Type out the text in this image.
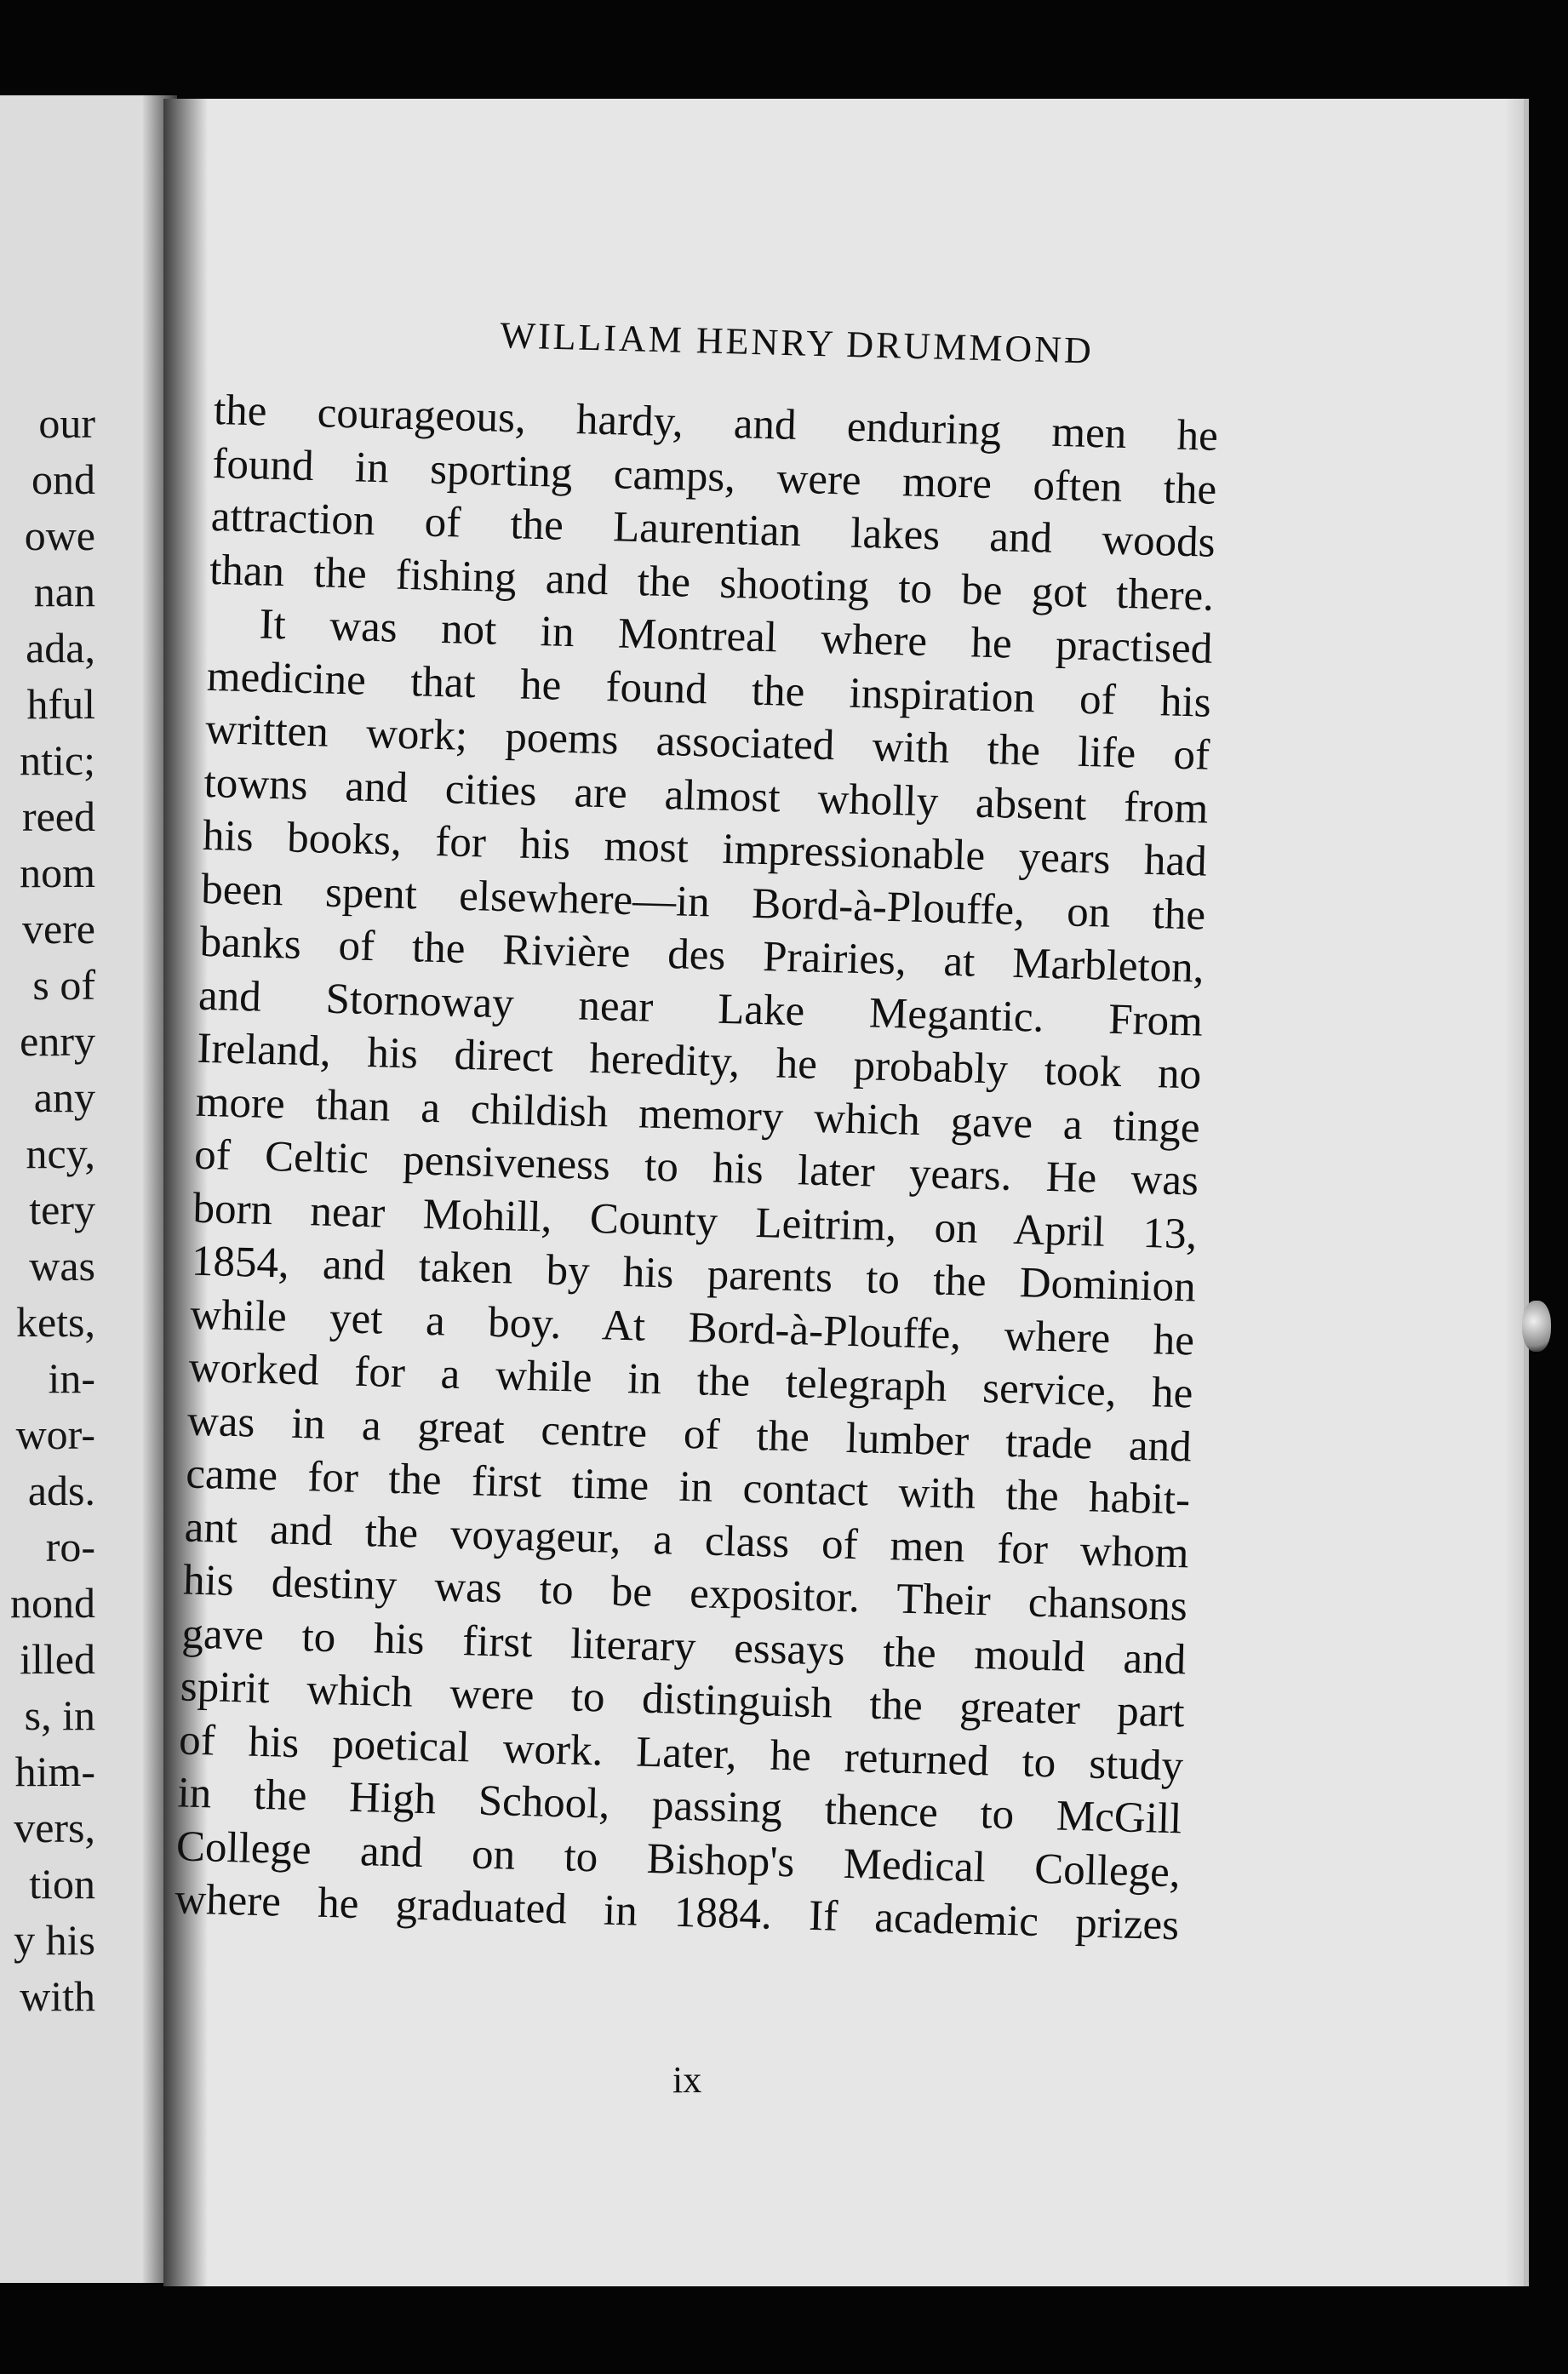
our
ond
owe
nan
ada,
hful
ntic;
reed
nom
vere
s of
enry
any
ncy,
tery
was
kets,
in-
wor-
ads.
ro-
nond
illed
s, in
him-
vers,
tion
y his
with
WILLIAM HENRY DRUMMOND
the courageous, hardy, and enduring men he
found in sporting camps, were more often the
attraction of the Laurentian lakes and woods
than the fishing and the shooting to be got there.
It was not in Montreal where he practised
medicine that he found the inspiration of his
written work; poems associated with the life of
towns and cities are almost wholly absent from
his books, for his most impressionable years had
been spent elsewhere—in Bord-à-Plouffe, on the
banks of the Rivière des Prairies, at Marbleton,
and Stornoway near Lake Megantic. From
Ireland, his direct heredity, he probably took no
more than a childish memory which gave a tinge
of Celtic pensiveness to his later years. He was
born near Mohill, County Leitrim, on April 13,
1854, and taken by his parents to the Dominion
while yet a boy. At Bord-à-Plouffe, where he
worked for a while in the telegraph service, he
was in a great centre of the lumber trade and
came for the first time in contact with the habit-
ant and the voyageur, a class of men for whom
his destiny was to be expositor. Their chansons
gave to his first literary essays the mould and
spirit which were to distinguish the greater part
of his poetical work. Later, he returned to study
in the High School, passing thence to McGill
College and on to Bishop's Medical College,
where he graduated in 1884. If academic prizes
ix
